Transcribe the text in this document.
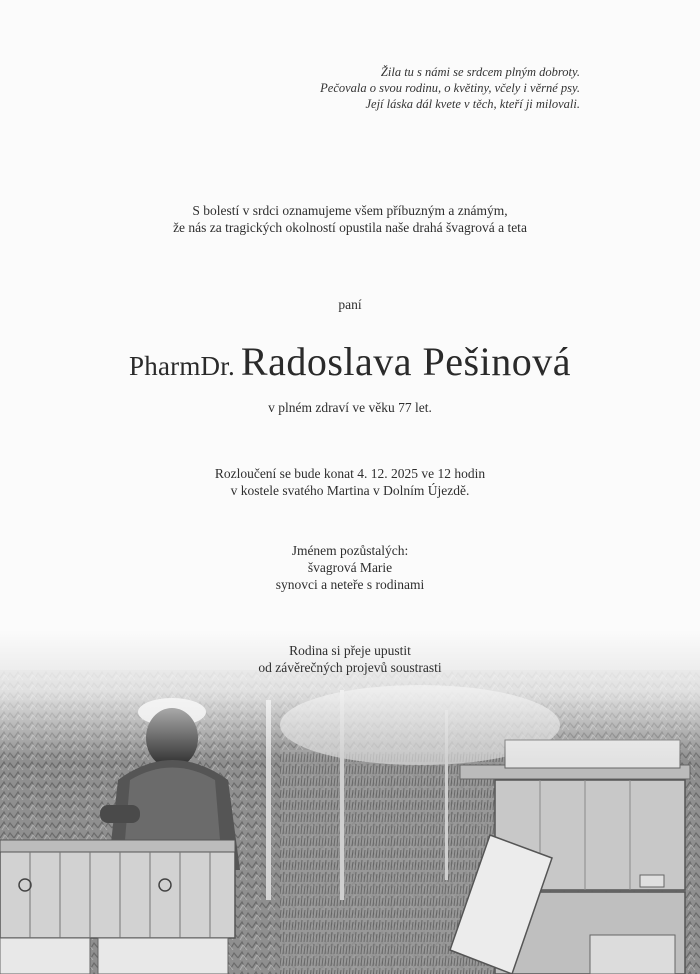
Žila tu s námi se srdcem plným dobroty.
Pečovala o svou rodinu, o květiny, včely i věrné psy.
Její láska dál kvete v těch, kteří ji milovali.
S bolestí v srdci oznamujeme všem příbuzným a známým,
že nás za tragických okolností opustila naše drahá švagrová a teta
paní
PharmDr. Radoslava Pešinová
v plném zdraví ve věku 77 let.
Rozloučení se bude konat 4. 12. 2025 ve 12 hodin
v kostele svatého Martina v Dolním Újezdě.
Jménem pozůstalých:
švagrová Marie
synovci a neteře s rodinami
Rodina si přeje upustit
od závěrečných projevů soustrasti
